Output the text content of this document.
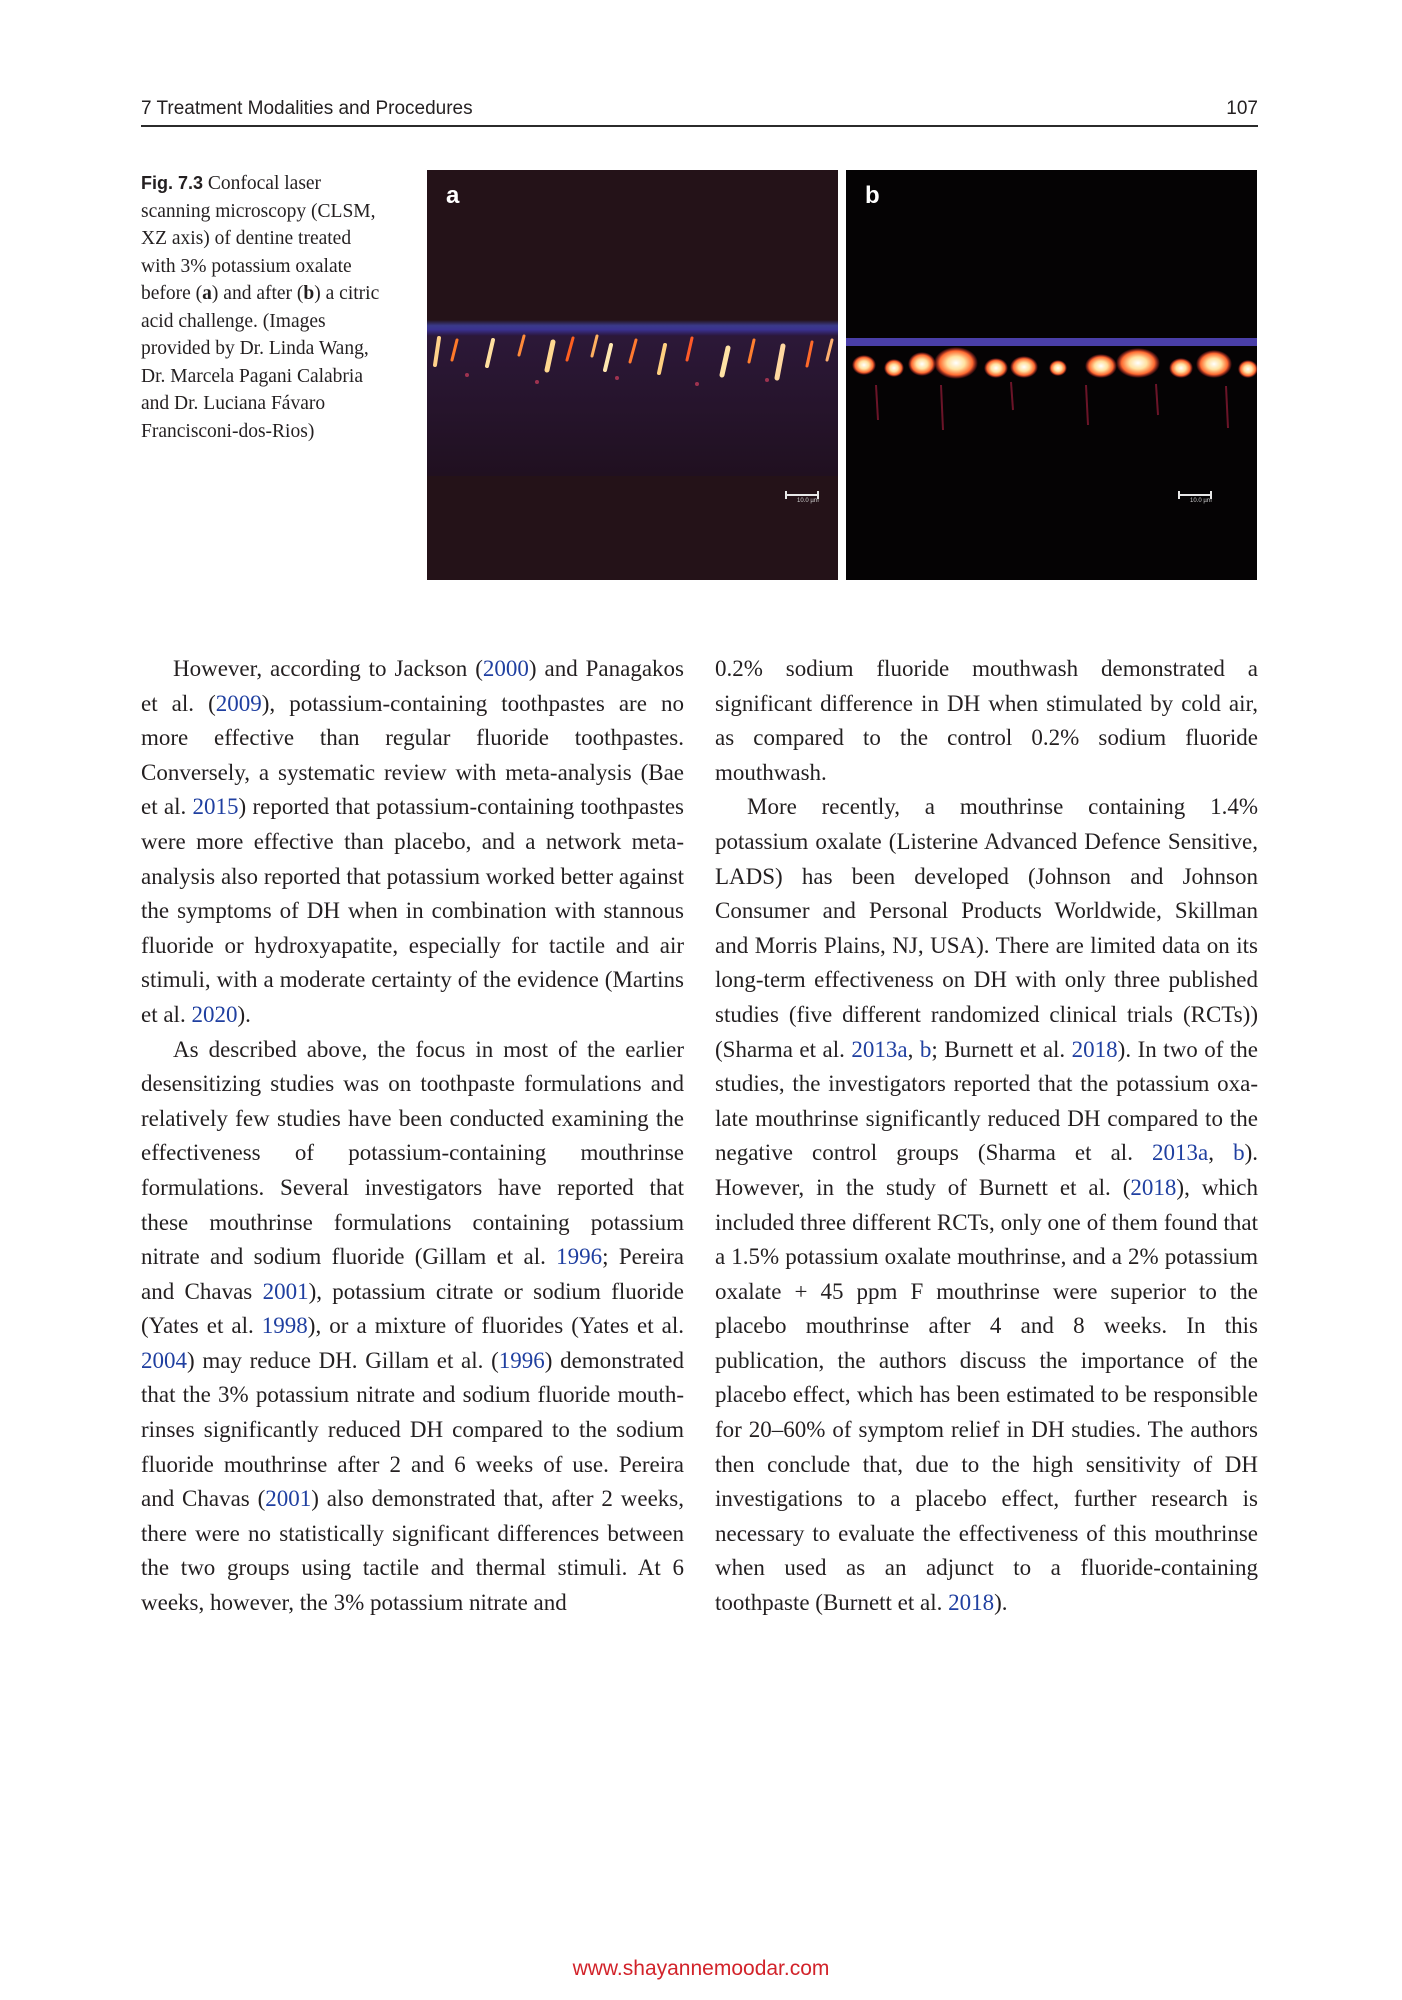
7 Treatment Modalities and Procedures	107
Fig. 7.3 Confocal laser scanning microscopy (CLSM, XZ axis) of dentine treated with 3% potassium oxalate before (a) and after (b) a citric acid challenge. (Images provided by Dr. Linda Wang, Dr. Marcela Pagani Calabria and Dr. Luciana Fávaro Francisconi-dos-Rios)
a
10.0 µm
b
10.0 µm

However, according to Jackson (2000) and Panagakos et al. (2009), potassium-containing toothpastes are no more effective than regular fluoride toothpastes. Conversely, a systematic review with meta-analysis (Bae et al. 2015) reported that potassium-containing toothpastes were more effective than placebo, and a network meta-analysis also reported that potassium worked better against the symptoms of DH when in combination with stannous fluoride or hydroxyapatite, especially for tactile and air stimuli, with a moderate certainty of the evidence (Martins et al. 2020).

As described above, the focus in most of the earlier desensitizing studies was on toothpaste formulations and relatively few studies have been conducted examining the effectiveness of potassium-containing mouthrinse formulations. Several investigators have reported that these mouthrinse formulations containing potassium nitrate and sodium fluoride (Gillam et al. 1996; Pereira and Chavas 2001), potassium citrate or sodium fluoride (Yates et al. 1998), or a mixture of fluorides (Yates et al. 2004) may reduce DH. Gillam et al. (1996) demonstrated that the 3% potassium nitrate and sodium fluoride mouthrinses significantly reduced DH compared to the sodium fluoride mouthrinse after 2 and 6 weeks of use. Pereira and Chavas (2001) also demonstrated that, after 2 weeks, there were no statistically significant differences between the two groups using tactile and thermal stimuli. At 6 weeks, however, the 3% potassium nitrate and

0.2% sodium fluoride mouthwash demonstrated a significant difference in DH when stimulated by cold air, as compared to the control 0.2% sodium fluoride mouthwash.

More recently, a mouthrinse containing 1.4% potassium oxalate (Listerine Advanced Defence Sensitive, LADS) has been developed (Johnson and Johnson Consumer and Personal Products Worldwide, Skillman and Morris Plains, NJ, USA). There are limited data on its long-term effectiveness on DH with only three published studies (five different randomized clinical trials (RCTs)) (Sharma et al. 2013a, b; Burnett et al. 2018). In two of the studies, the investigators reported that the potassium oxalate mouthrinse significantly reduced DH compared to the negative control groups (Sharma et al. 2013a, b). However, in the study of Burnett et al. (2018), which included three different RCTs, only one of them found that a 1.5% potassium oxalate mouthrinse, and a 2% potassium oxalate + 45 ppm F mouthrinse were superior to the placebo mouthrinse after 4 and 8 weeks. In this publication, the authors discuss the importance of the placebo effect, which has been estimated to be responsible for 20–60% of symptom relief in DH studies. The authors then conclude that, due to the high sensitivity of DH investigations to a placebo effect, further research is necessary to evaluate the effectiveness of this mouthrinse when used as an adjunct to a fluoride-containing toothpaste (Burnett et al. 2018).

www.shayannemoodar.com
